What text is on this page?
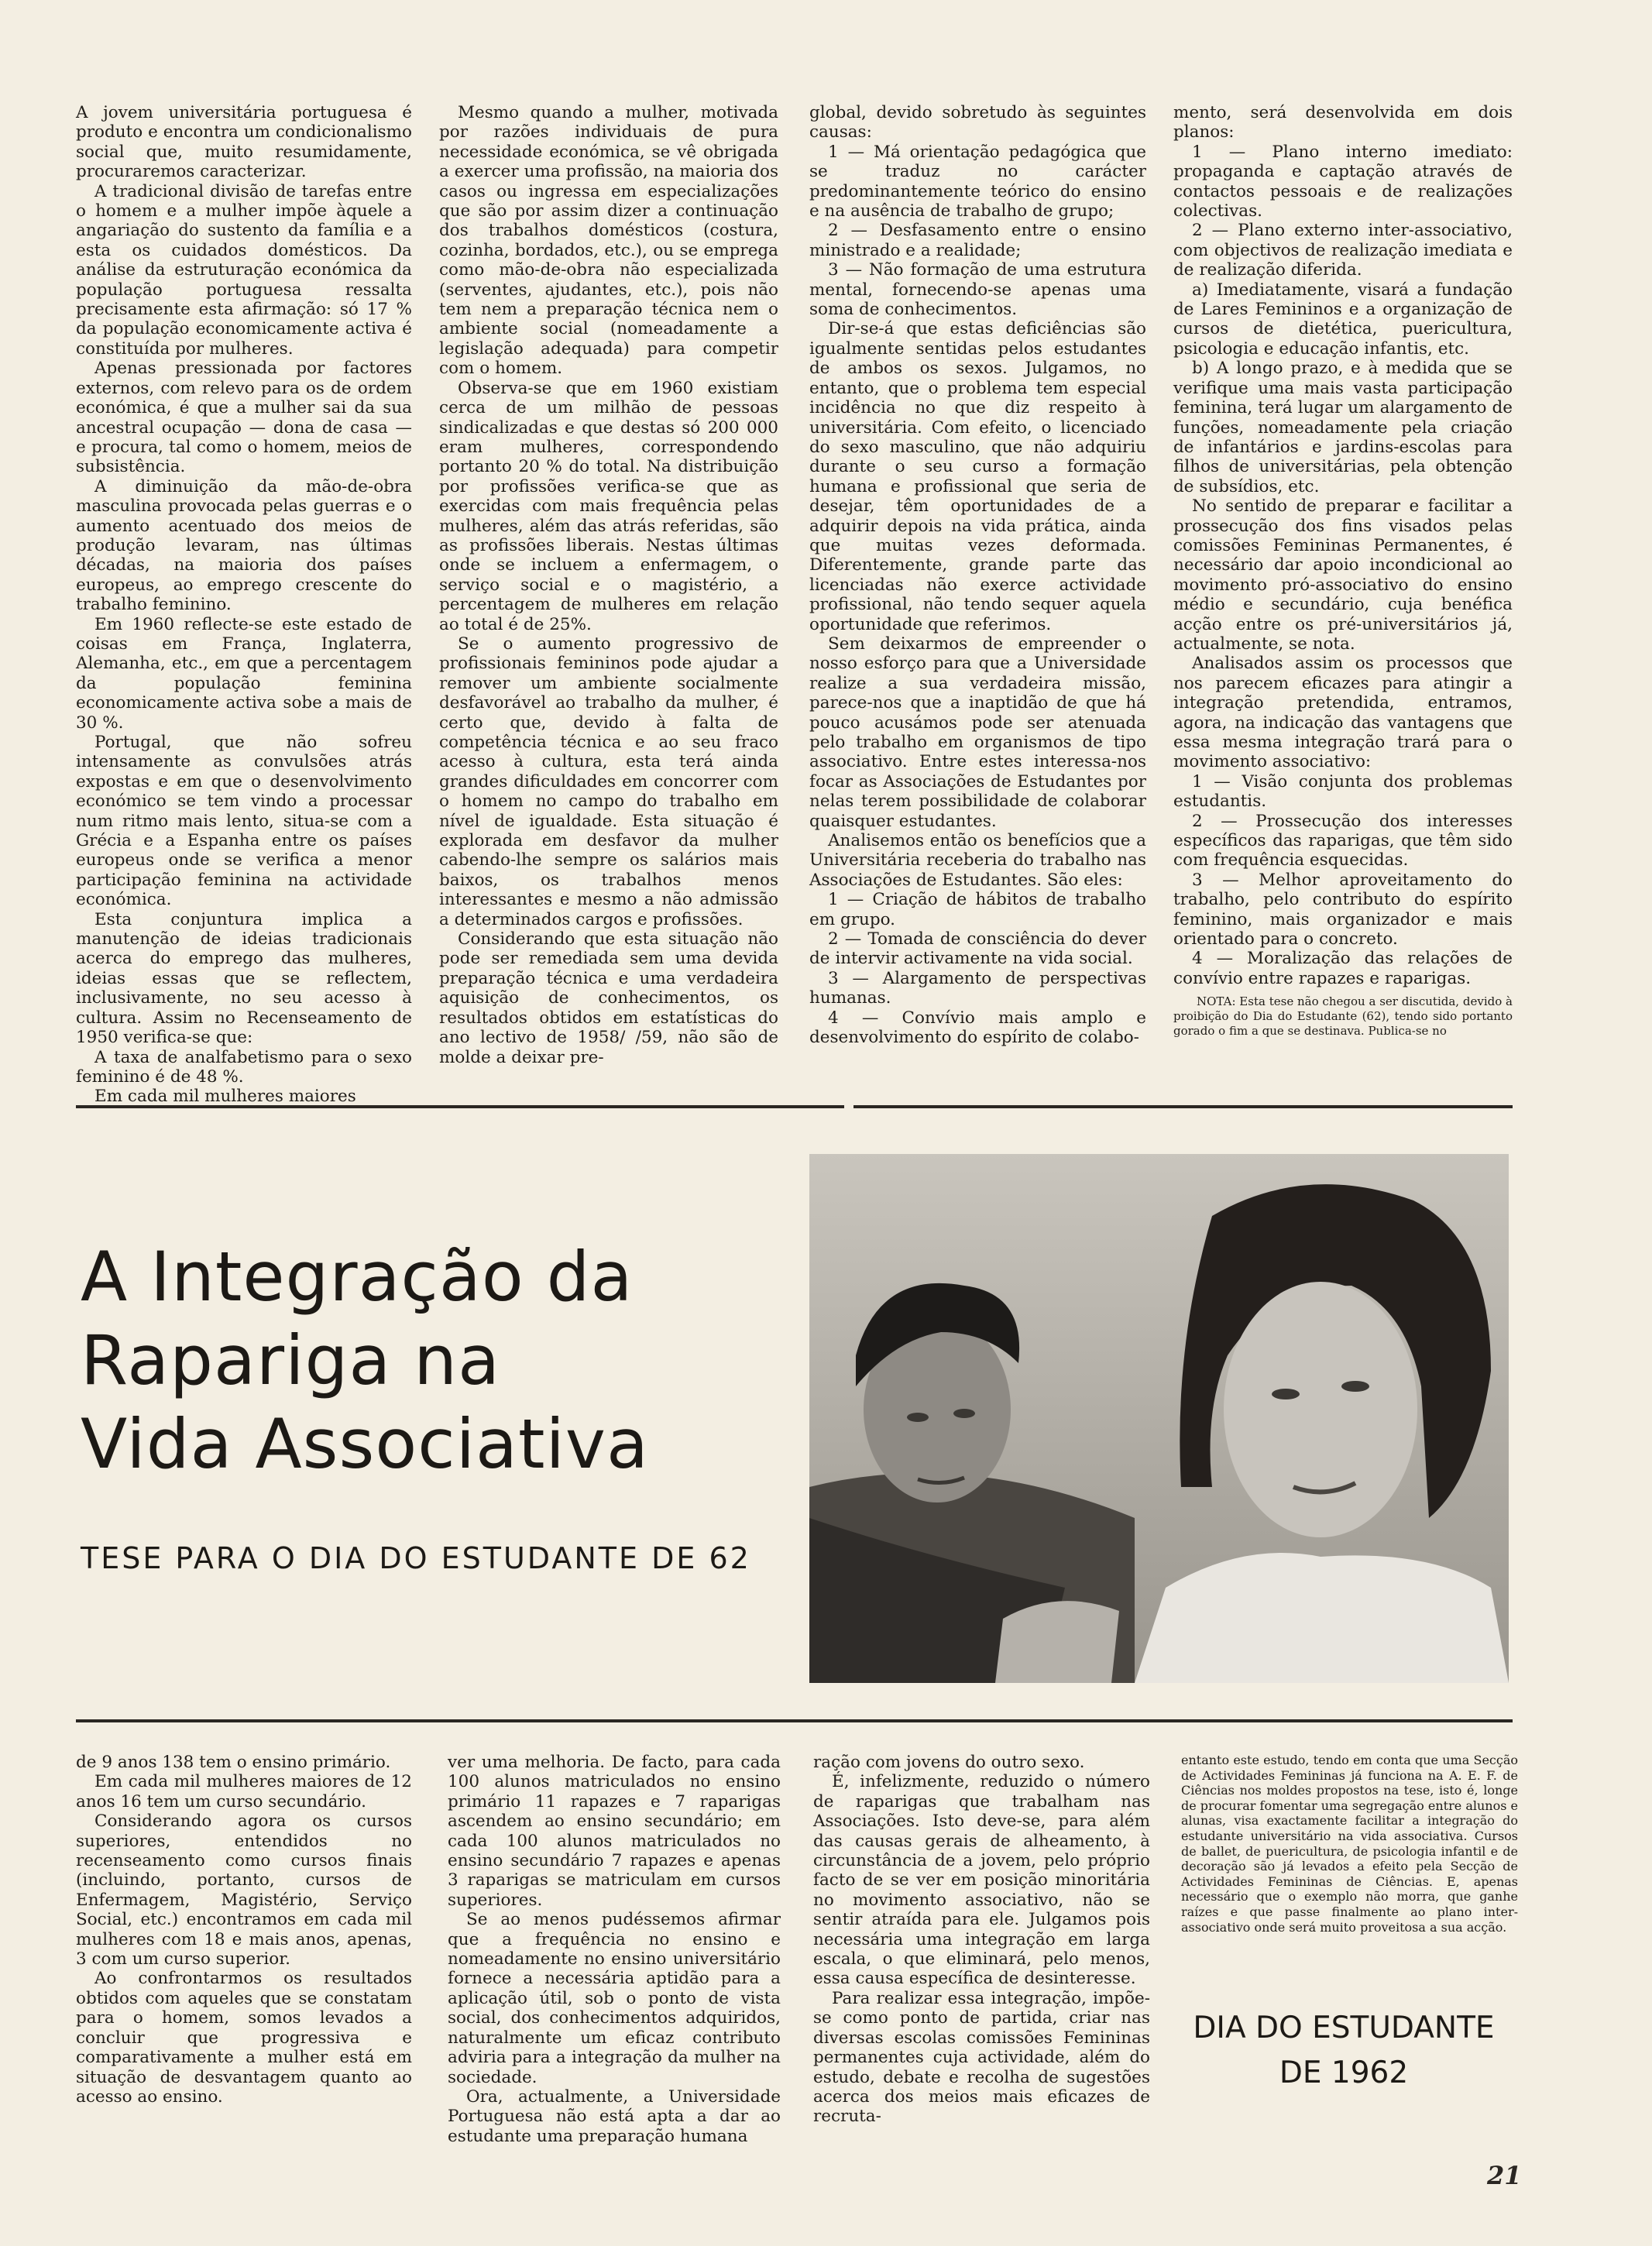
A jovem universitária portuguesa é produto e encontra um condicionalismo social que, muito resumidamente, procuraremos caracterizar.

A tradicional divisão de tarefas entre o homem e a mulher impõe àquele a angariação do sustento da família e a esta os cuidados domésticos. Da análise da estruturação económica da população portuguesa ressalta precisamente esta afirmação: só 17 % da população economicamente activa é constituída por mulheres.

Apenas pressionada por factores externos, com relevo para os de ordem económica, é que a mulher sai da sua ancestral ocupação — dona de casa — e procura, tal como o homem, meios de subsistência.

A diminuição da mão-de-obra masculina provocada pelas guerras e o aumento acentuado dos meios de produção levaram, nas últimas décadas, na maioria dos países europeus, ao emprego crescente do trabalho feminino.

Em 1960 reflecte-se este estado de coisas em França, Inglaterra, Alemanha, etc., em que a percentagem da população feminina economicamente activa sobe a mais de 30 %.

Portugal, que não sofreu intensamente as convulsões atrás expostas e em que o desenvolvimento económico se tem vindo a processar num ritmo mais lento, situa-se com a Grécia e a Espanha entre os países europeus onde se verifica a menor participação feminina na actividade económica.

Esta conjuntura implica a manutenção de ideias tradicionais acerca do emprego das mulheres, ideias essas que se reflectem, inclusivamente, no seu acesso à cultura. Assim no Recenseamento de 1950 verifica-se que:

A taxa de analfabetismo para o sexo feminino é de 48 %.

Em cada mil mulheres maiores

Mesmo quando a mulher, motivada por razões individuais de pura necessidade económica, se vê obrigada a exercer uma profissão, na maioria dos casos ou ingressa em especializações que são por assim dizer a continuação dos trabalhos domésticos (costura, cozinha, bordados, etc.), ou se emprega como mão-de-obra não especializada (serventes, ajudantes, etc.), pois não tem nem a preparação técnica nem o ambiente social (nomeadamente a legislação adequada) para competir com o homem.

Observa-se que em 1960 existiam cerca de um milhão de pessoas sindicalizadas e que destas só 200 000 eram mulheres, correspondendo portanto 20 % do total. Na distribuição por profissões verifica-se que as exercidas com mais frequência pelas mulheres, além das atrás referidas, são as profissões liberais. Nestas últimas onde se incluem a enfermagem, o serviço social e o magistério, a percentagem de mulheres em relação ao total é de 25%.

Se o aumento progressivo de profissionais femininos pode ajudar a remover um ambiente socialmente desfavorável ao trabalho da mulher, é certo que, devido à falta de competência técnica e ao seu fraco acesso à cultura, esta terá ainda grandes dificuldades em concorrer com o homem no campo do trabalho em nível de igualdade. Esta situação é explorada em desfavor da mulher cabendo-lhe sempre os salários mais baixos, os trabalhos menos interessantes e mesmo a não admissão a determinados cargos e profissões.

Considerando que esta situação não pode ser remediada sem uma devida preparação técnica e uma verdadeira aquisição de conhecimentos, os resultados obtidos em estatísticas do ano lectivo de 1958/ /59, não são de molde a deixar pre-

global, devido sobretudo às seguintes causas:

1 — Má orientação pedagógica que se traduz no carácter predominantemente teórico do ensino e na ausência de trabalho de grupo;

2 — Desfasamento entre o ensino ministrado e a realidade;

3 — Não formação de uma estrutura mental, fornecendo-se apenas uma soma de conhecimentos.

Dir-se-á que estas deficiências são igualmente sentidas pelos estudantes de ambos os sexos. Julgamos, no entanto, que o problema tem especial incidência no que diz respeito à universitária. Com efeito, o licenciado do sexo masculino, que não adquiriu durante o seu curso a formação humana e profissional que seria de desejar, têm oportunidades de a adquirir depois na vida prática, ainda que muitas vezes deformada. Diferentemente, grande parte das licenciadas não exerce actividade profissional, não tendo sequer aquela oportunidade que referimos.

Sem deixarmos de empreender o nosso esforço para que a Universidade realize a sua verdadeira missão, parece-nos que a inaptidão de que há pouco acusámos pode ser atenuada pelo trabalho em organismos de tipo associativo. Entre estes interessa-nos focar as Associações de Estudantes por nelas terem possibilidade de colaborar quaisquer estudantes.

Analisemos então os benefícios que a Universitária receberia do trabalho nas Associações de Estudantes. São eles:

1 — Criação de hábitos de trabalho em grupo.

2 — Tomada de consciência do dever de intervir activamente na vida social.

3 — Alargamento de perspectivas humanas.

4 — Convívio mais amplo e desenvolvimento do espírito de colabo-

mento, será desenvolvida em dois planos:

1 — Plano interno imediato: propaganda e captação através de contactos pessoais e de realizações colectivas.

2 — Plano externo inter-associativo, com objectivos de realização imediata e de realização diferida.

a) Imediatamente, visará a fundação de Lares Femininos e a organização de cursos de dietética, puericultura, psicologia e educação infantis, etc.

b) A longo prazo, e à medida que se verifique uma mais vasta participação feminina, terá lugar um alargamento de funções, nomeadamente pela criação de infantários e jardins-escolas para filhos de universitárias, pela obtenção de subsídios, etc.

No sentido de preparar e facilitar a prossecução dos fins visados pelas comissões Femininas Permanentes, é necessário dar apoio incondicional ao movimento pró-associativo do ensino médio e secundário, cuja benéfica acção entre os pré-universitários já, actualmente, se nota.

Analisados assim os processos que nos parecem eficazes para atingir a integração pretendida, entramos, agora, na indicação das vantagens que essa mesma integração trará para o movimento associativo:

1 — Visão conjunta dos problemas estudantis.

2 — Prossecução dos interesses específicos das raparigas, que têm sido com frequência esquecidas.

3 — Melhor aproveitamento do trabalho, pelo contributo do espírito feminino, mais organizador e mais orientado para o concreto.

4 — Moralização das relações de convívio entre rapazes e raparigas.

NOTA: Esta tese não chegou a ser discutida, devido à proibição do Dia do Estudante (62), tendo sido portanto gorado o fim a que se destinava. Publica-se no

A Integração da
Rapariga na
Vida Associativa
TESE PARA O DIA DO ESTUDANTE DE 62

de 9 anos 138 tem o ensino primário.

Em cada mil mulheres maiores de 12 anos 16 tem um curso secundário.

Considerando agora os cursos superiores, entendidos no recenseamento como cursos finais (incluindo, portanto, cursos de Enfermagem, Magistério, Serviço Social, etc.) encontramos em cada mil mulheres com 18 e mais anos, apenas, 3 com um curso superior.

Ao confrontarmos os resultados obtidos com aqueles que se constatam para o homem, somos levados a concluir que progressiva e comparativamente a mulher está em situação de desvantagem quanto ao acesso ao ensino.

ver uma melhoria. De facto, para cada 100 alunos matriculados no ensino primário 11 rapazes e 7 raparigas ascendem ao ensino secundário; em cada 100 alunos matriculados no ensino secundário 7 rapazes e apenas 3 raparigas se matriculam em cursos superiores.

Se ao menos pudéssemos afirmar que a frequência no ensino e nomeadamente no ensino universitário fornece a necessária aptidão para a aplicação útil, sob o ponto de vista social, dos conhecimentos adquiridos, naturalmente um eficaz contributo adviria para a integração da mulher na sociedade.

Ora, actualmente, a Universidade Portuguesa não está apta a dar ao estudante uma preparação humana

ração com jovens do outro sexo.

É, infelizmente, reduzido o número de raparigas que trabalham nas Associações. Isto deve-se, para além das causas gerais de alheamento, à circunstância de a jovem, pelo próprio facto de se ver em posição minoritária no movimento associativo, não se sentir atraída para ele. Julgamos pois necessária uma integração em larga escala, o que eliminará, pelo menos, essa causa específica de desinteresse.

Para realizar essa integração, impõe-se como ponto de partida, criar nas diversas escolas comissões Femininas permanentes cuja actividade, além do estudo, debate e recolha de sugestões acerca dos meios mais eficazes de recruta-

entanto este estudo, tendo em conta que uma Secção de Actividades Femininas já funciona na A. E. F. de Ciências nos moldes propostos na tese, isto é, longe de procurar fomentar uma segregação entre alunos e alunas, visa exactamente facilitar a integração do estudante universitário na vida associativa. Cursos de ballet, de puericultura, de psicologia infantil e de decoração são já levados a efeito pela Secção de Actividades Femininas de Ciências. E, apenas necessário que o exemplo não morra, que ganhe raízes e que passe finalmente ao plano inter-associativo onde será muito proveitosa a sua acção.

DIA DO ESTUDANTE
DE 1962
21
